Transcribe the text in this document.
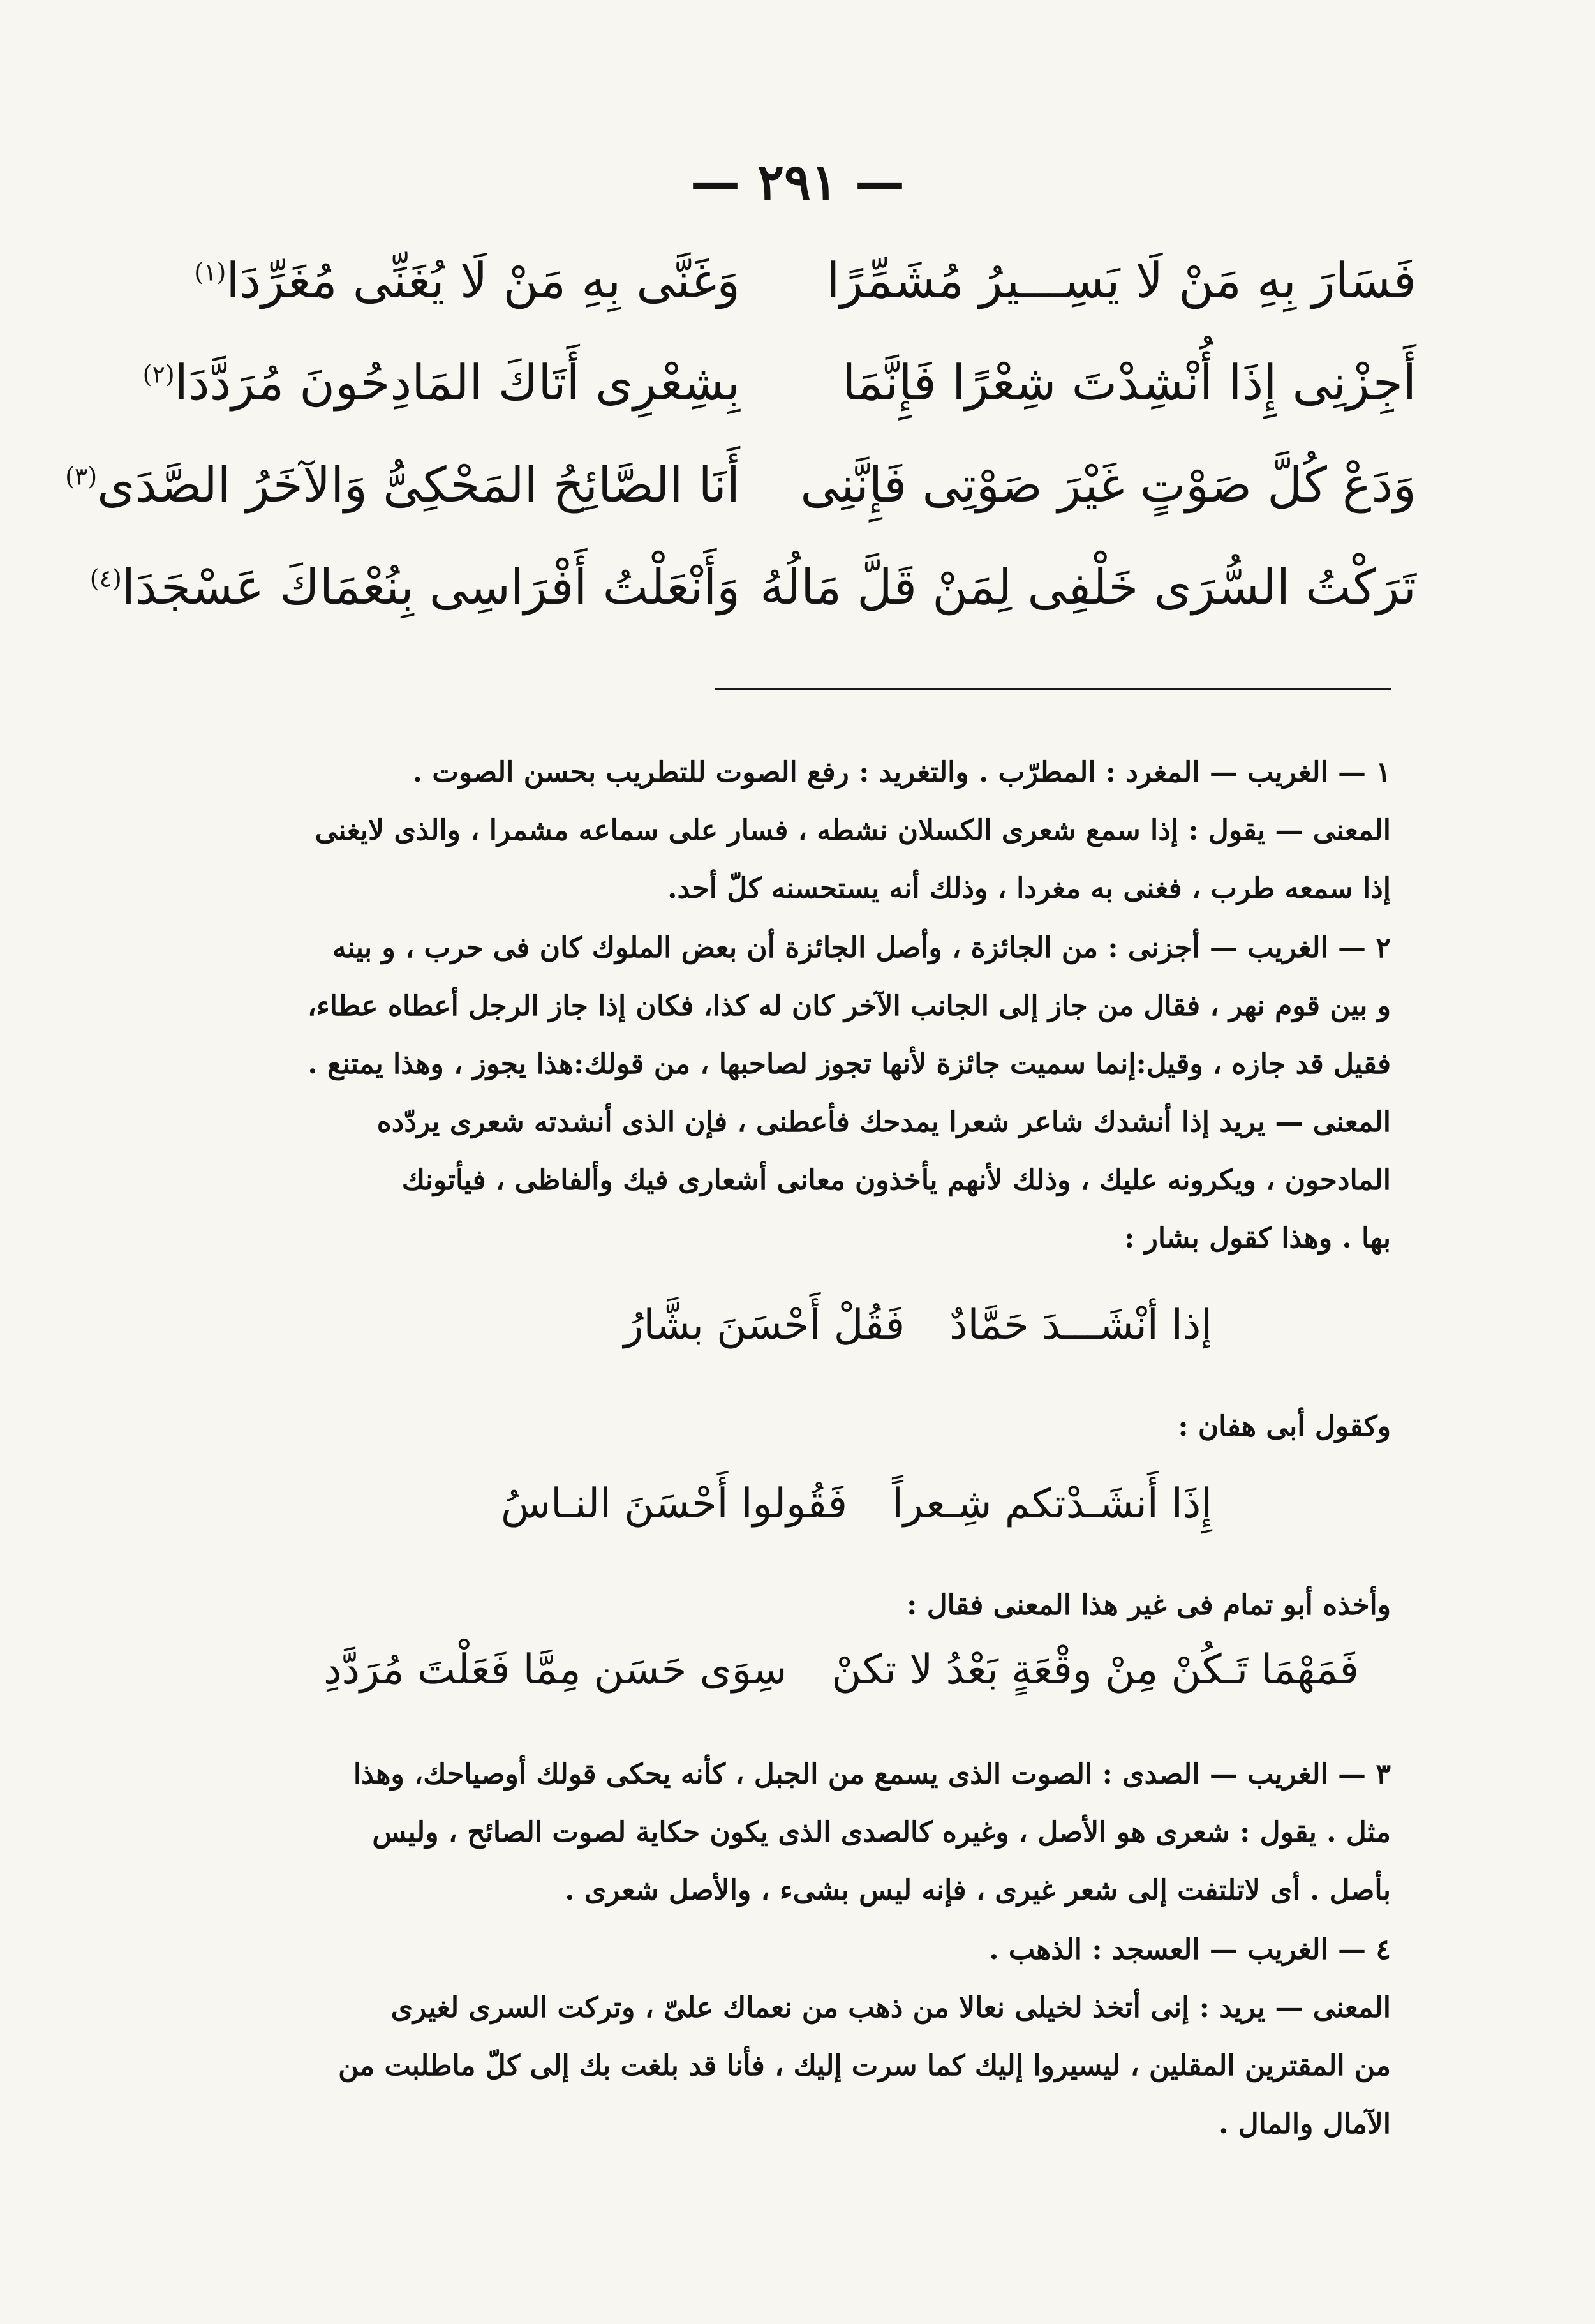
— ٢٩١ —
فَسَارَ بِهِ مَنْ لَا يَسِـــيرُ مُشَمِّرًا
وَغَنَّى بِهِ مَنْ لَا يُغَنِّى مُغَرِّدَا$^{(١)}$
أَجِزْنِى إِذَا أُنْشِدْتَ شِعْرًا فَإِنَّمَا
بِشِعْرِى أَتَاكَ المَادِحُونَ مُرَدَّدَا$^{(٢)}$
وَدَعْ كُلَّ صَوْتٍ غَيْرَ صَوْتِى فَإِنَّنِى
أَنَا الصَّائِحُ المَحْكِىُّ وَالآخَرُ الصَّدَى$^{(٣)}$
تَرَكْتُ السُّرَى خَلْفِى لِمَنْ قَلَّ مَالُهُ
وَأَنْعَلْتُ أَفْرَاسِى بِنُعْمَاكَ عَسْجَدَا$^{(٤)}$
١ — الغريب — المغرد : المطرّب . والتغريد : رفع الصوت للتطريب بحسن الصوت .
المعنى — يقول : إذا سمع شعرى الكسلان نشطه ، فسار على سماعه مشمرا ، والذى لايغنى
إذا سمعه طرب ، فغنى به مغردا ، وذلك أنه يستحسنه كلّ أحد.
٢ — الغريب — أجزنى : من الجائزة ، وأصل الجائزة أن بعض الملوك كان فى حرب ، و بينه
و بين قوم نهر ، فقال من جاز إلى الجانب الآخر كان له كذا، فكان إذا جاز الرجل أعطاه عطاء،
فقيل قد جازه ، وقيل:إنما سميت جائزة لأنها تجوز لصاحبها ، من قولك:هذا يجوز ، وهذا يمتنع .
المعنى — يريد إذا أنشدك شاعر شعرا يمدحك فأعطنى ، فإن الذى أنشدته شعرى يردّده
المادحون ، ويكرونه عليك ، وذلك لأنهم يأخذون معانى أشعارى فيك وألفاظى ، فيأتونك
بها . وهذا كقول بشار :
إذا أنْشَـــدَ حَمَّادٌفَقُلْ أَحْسَنَ بشَّارُ
وكقول أبى هفان :
إِذَا أَنشَـدْتكم شِـعراًفَقُولوا أَحْسَنَ النـاسُ
وأخذه أبو تمام فى غير هذا المعنى فقال :
فَمَهْمَا تَـكُنْ مِنْ وقْعَةٍ بَعْدُ لا تكنْسِوَى حَسَن مِمَّا فَعَلْتَ مُرَدَّدِ
٣ — الغريب — الصدى : الصوت الذى يسمع من الجبل ، كأنه يحكى قولك أوصياحك، وهذا
مثل . يقول : شعرى هو الأصل ، وغيره كالصدى الذى يكون حكاية لصوت الصائح ، وليس
بأصل . أى لاتلتفت إلى شعر غيرى ، فإنه ليس بشىء ، والأصل شعرى .
٤ — الغريب — العسجد : الذهب .
المعنى — يريد : إنى أتخذ لخيلى نعالا من ذهب من نعماك علىّ ، وتركت السرى لغيرى
من المقترين المقلين ، ليسيروا إليك كما سرت إليك ، فأنا قد بلغت بك إلى كلّ ماطلبت من
الآمال والمال .
